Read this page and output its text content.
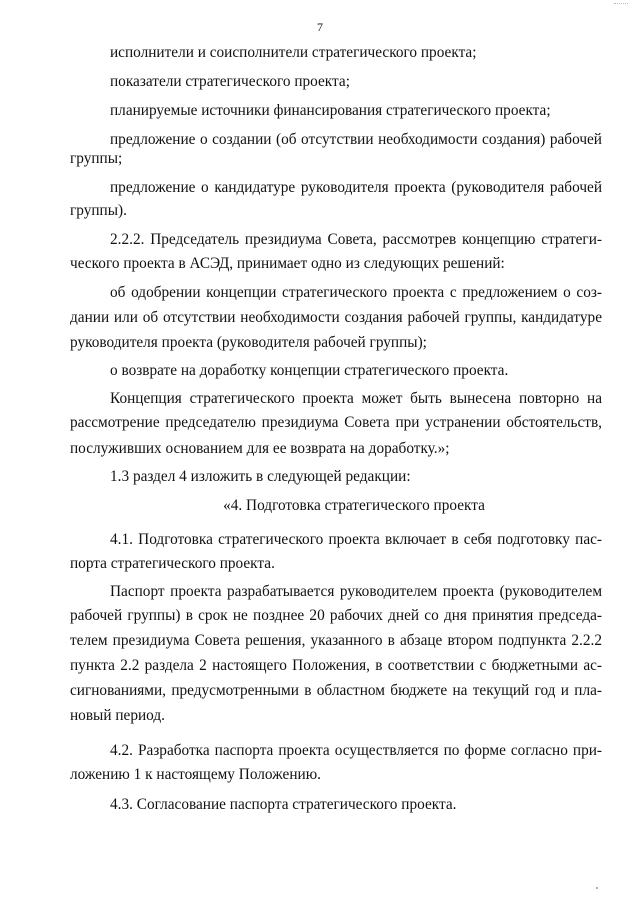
7
исполнители и соисполнители стратегического проекта;
показатели стратегического проекта;
планируемые источники финансирования стратегического проекта;
предложение о создании (об отсутствии необходимости создания) рабочей
группы;
предложение о кандидатуре руководителя проекта (руководителя рабочей
группы).
2.2.2. Председатель президиума Совета, рассмотрев концепцию стратеги-
ческого проекта в АСЭД, принимает одно из следующих решений:
об одобрении концепции стратегического проекта с предложением о соз-
дании или об отсутствии необходимости создания рабочей группы, кандидатуре
руководителя проекта (руководителя рабочей группы);
о возврате на доработку концепции стратегического проекта.
Концепция стратегического проекта может быть вынесена повторно на
рассмотрение председателю президиума Совета при устранении обстоятельств,
послуживших основанием для ее возврата на доработку.»;
1.3 раздел 4 изложить в следующей редакции:
«4. Подготовка стратегического проекта
4.1. Подготовка стратегического проекта включает в себя подготовку пас-
порта стратегического проекта.
Паспорт проекта разрабатывается руководителем проекта (руководителем
рабочей группы) в срок не позднее 20 рабочих дней со дня принятия председа-
телем президиума Совета решения, указанного в абзаце втором подпункта 2.2.2
пункта 2.2 раздела 2 настоящего Положения, в соответствии с бюджетными ас-
сигнованиями, предусмотренными в областном бюджете на текущий год и пла-
новый период.
4.2. Разработка паспорта проекта осуществляется по форме согласно при-
ложению 1 к настоящему Положению.
4.3. Согласование паспорта стратегического проекта.
